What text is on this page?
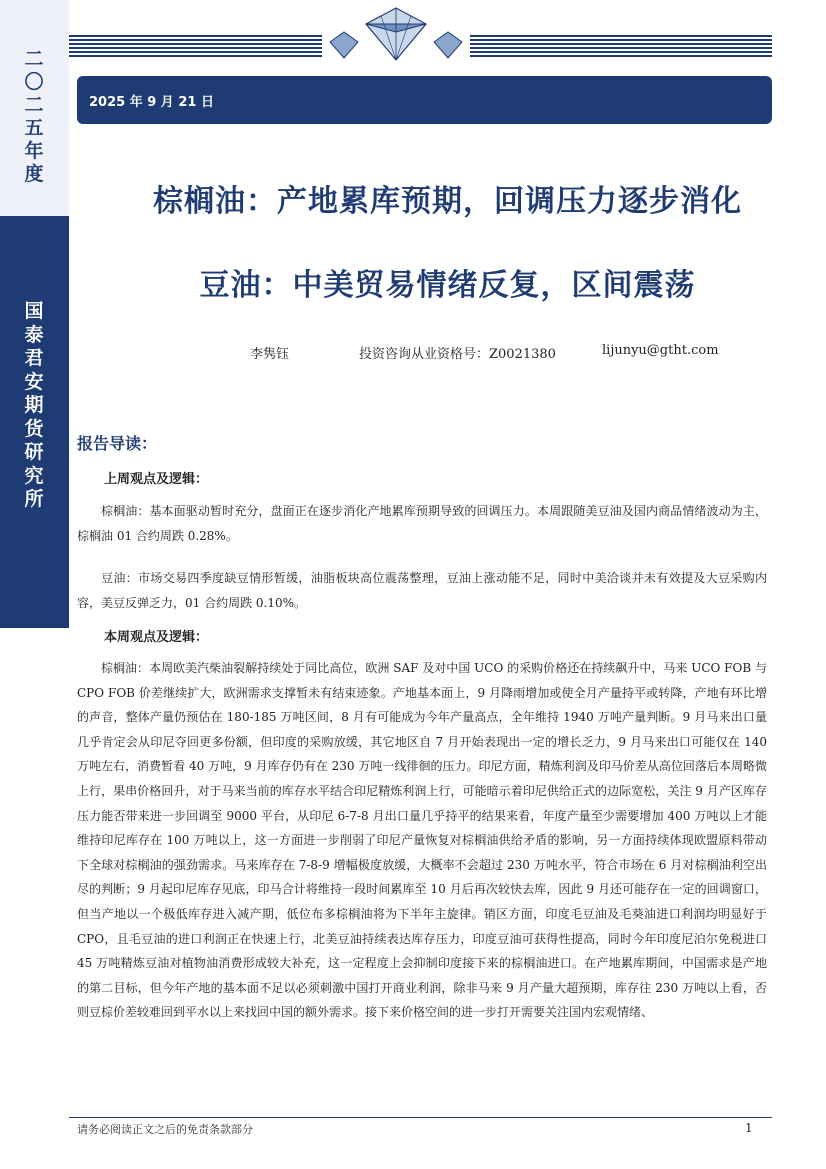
二
〇
二
五
年
度
国
泰
君
安
期
货
研
究
所
2025 年 9 月 21 日
棕榈油：产地累库预期，回调压力逐步消化
豆油：中美贸易情绪反复，区间震荡
李隽钰	投资咨询从业资格号：Z0021380	lijunyu@gtht.com
报告导读：
上周观点及逻辑：

棕榈油：基本面驱动暂时充分，盘面正在逐步消化产地累库预期导致的回调压力。本周跟随美豆油及国内商品情绪波动为主，棕榈油 01 合约周跌 0.28%。

豆油：市场交易四季度缺豆情形暂缓，油脂板块高位震荡整理，豆油上涨动能不足，同时中美洽谈并未有效提及大豆采购内容，美豆反弹乏力，01 合约周跌 0.10%。

本周观点及逻辑：

棕榈油：本周欧美汽柴油裂解持续处于同比高位，欧洲 SAF 及对中国 UCO 的采购价格还在持续飙升中，马来 UCO FOB 与 CPO FOB 价差继续扩大，欧洲需求支撑暂未有结束迹象。产地基本面上，9 月降雨增加或使全月产量持平或转降，产地有环比增的声音，整体产量仍预估在 180-185 万吨区间，8 月有可能成为今年产量高点，全年维持 1940 万吨产量判断。9 月马来出口量几乎肯定会从印尼夺回更多份额，但印度的采购放缓，其它地区自 7 月开始表现出一定的增长乏力，9 月马来出口可能仅在 140 万吨左右，消费暂看 40 万吨，9 月库存仍有在 230 万吨一线徘徊的压力。印尼方面，精炼利润及印马价差从高位回落后本周略微上行，果串价格回升，对于马来当前的库存水平结合印尼精炼利润上行，可能暗示着印尼供给正式的边际宽松，关注 9 月产区库存压力能否带来进一步回调至 9000 平台，从印尼 6-7-8 月出口量几乎持平的结果来看，年度产量至少需要增加 400 万吨以上才能维持印尼库存在 100 万吨以上，这一方面进一步削弱了印尼产量恢复对棕榈油供给矛盾的影响，另一方面持续体现欧盟原料带动下全球对棕榈油的强劲需求。马来库存在 7-8-9 增幅极度放缓，大概率不会超过 230 万吨水平，符合市场在 6 月对棕榈油利空出尽的判断；9 月起印尼库存见底，印马合计将维持一段时间累库至 10 月后再次较快去库，因此 9 月还可能存在一定的回调窗口，但当产地以一个极低库存进入减产期，低位布多棕榈油将为下半年主旋律。销区方面，印度毛豆油及毛葵油进口利润均明显好于 CPO，且毛豆油的进口利润正在快速上行，北美豆油持续表达库存压力，印度豆油可获得性提高，同时今年印度尼泊尔免税进口 45 万吨精炼豆油对植物油消费形成较大补充，这一定程度上会抑制印度接下来的棕榈油进口。在产地累库期间，中国需求是产地的第二目标，但今年产地的基本面不足以必须刺激中国打开商业利润，除非马来 9 月产量大超预期，库存往 230 万吨以上看，否则豆棕价差较难回到平水以上来找回中国的额外需求。接下来价格空间的进一步打开需要关注国内宏观情绪、

请务必阅读正文之后的免责条款部分	1
